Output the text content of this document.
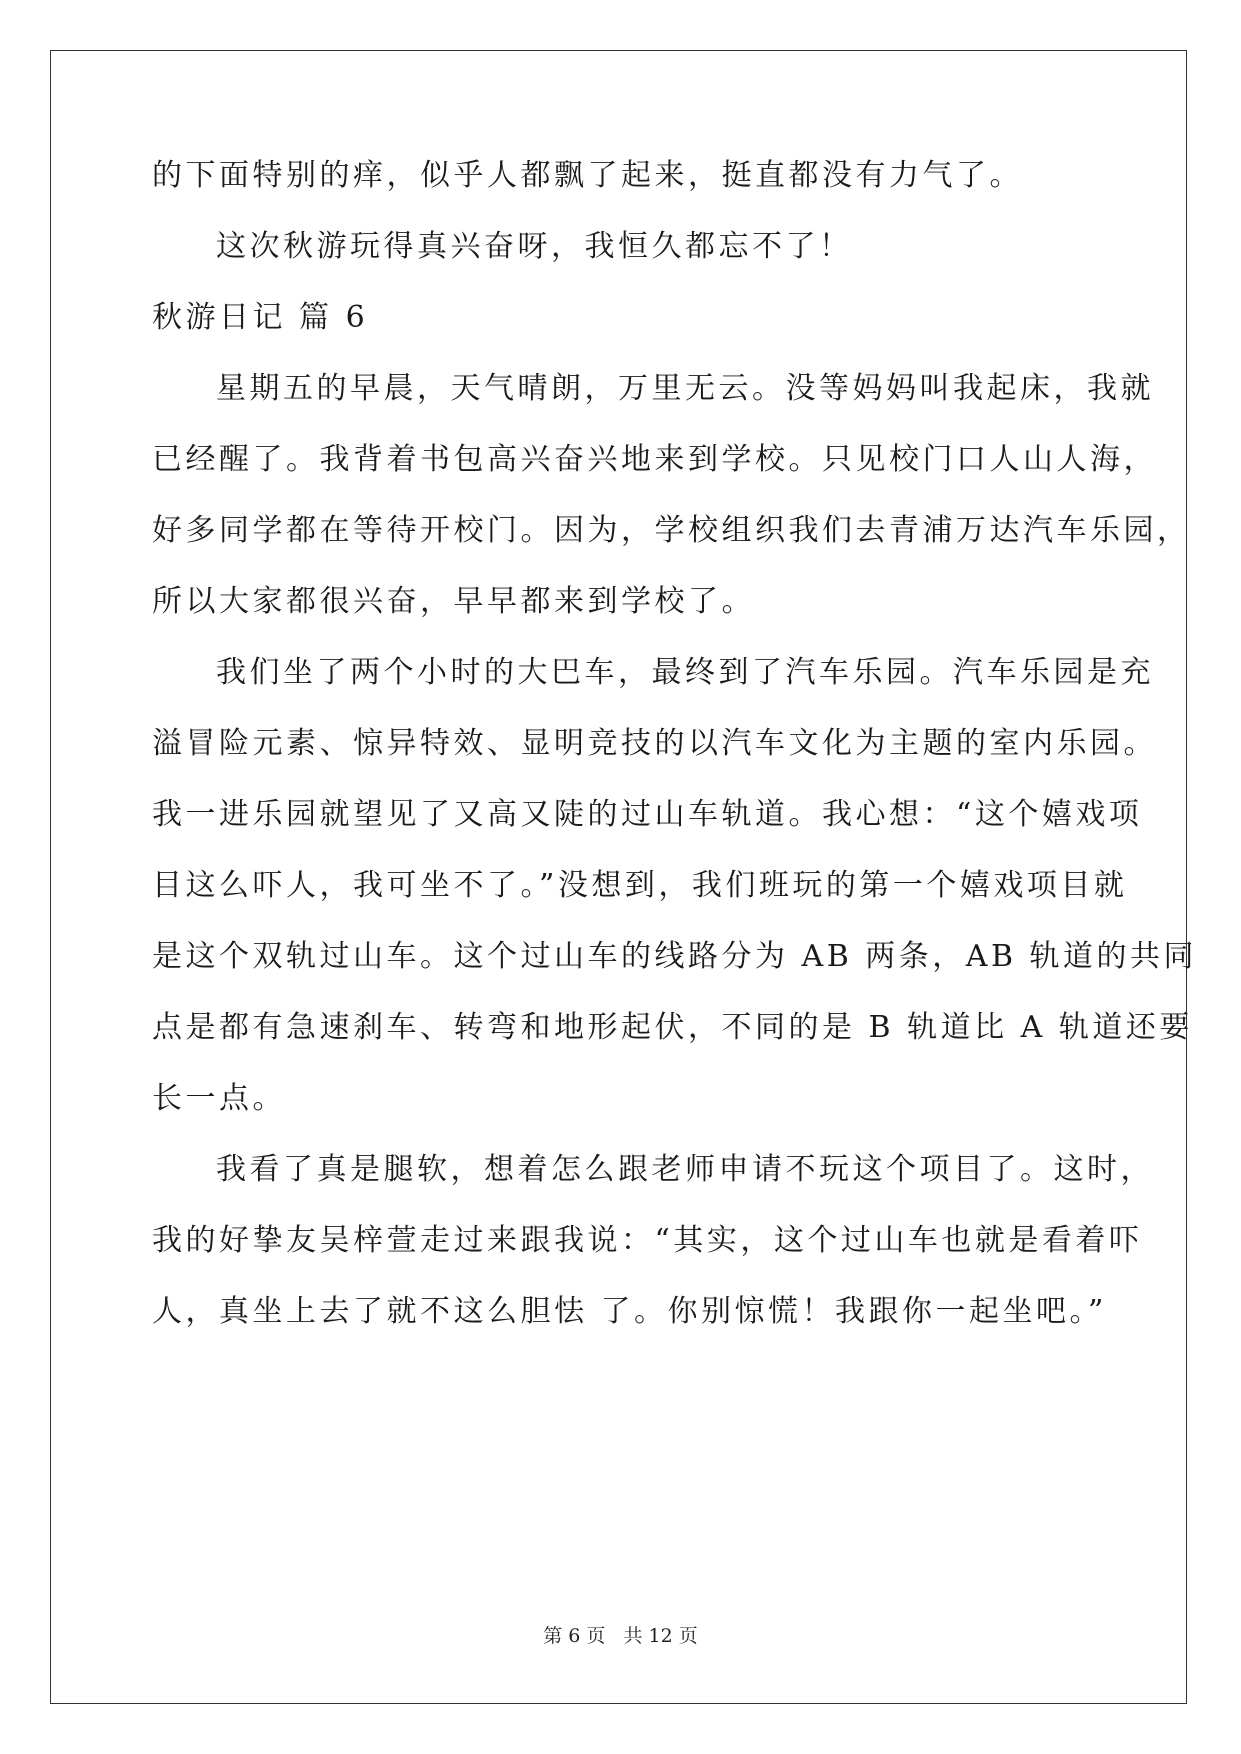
的下面特别的痒，似乎人都飘了起来，挺直都没有力气了。
这次秋游玩得真兴奋呀，我恒久都忘不了！
秋游日记 篇 6
星期五的早晨，天气晴朗，万里无云。没等妈妈叫我起床，我就
已经醒了。我背着书包高兴奋兴地来到学校。只见校门口人山人海，
好多同学都在等待开校门。因为，学校组织我们去青浦万达汽车乐园，
所以大家都很兴奋，早早都来到学校了。
我们坐了两个小时的大巴车，最终到了汽车乐园。汽车乐园是充
溢冒险元素、惊异特效、显明竞技的以汽车文化为主题的室内乐园。
我一进乐园就望见了又高又陡的过山车轨道。我心想：“这个嬉戏项
目这么吓人，我可坐不了。”没想到，我们班玩的第一个嬉戏项目就
是这个双轨过山车。这个过山车的线路分为 AB 两条，AB 轨道的共同
点是都有急速刹车、转弯和地形起伏，不同的是 B 轨道比 A 轨道还要
长一点。
我看了真是腿软，想着怎么跟老师申请不玩这个项目了。这时，
我的好挚友吴梓萱走过来跟我说：“其实，这个过山车也就是看着吓
人，真坐上去了就不这么胆怯 了。你别惊慌！我跟你一起坐吧。”
第 6 页   共 12 页
